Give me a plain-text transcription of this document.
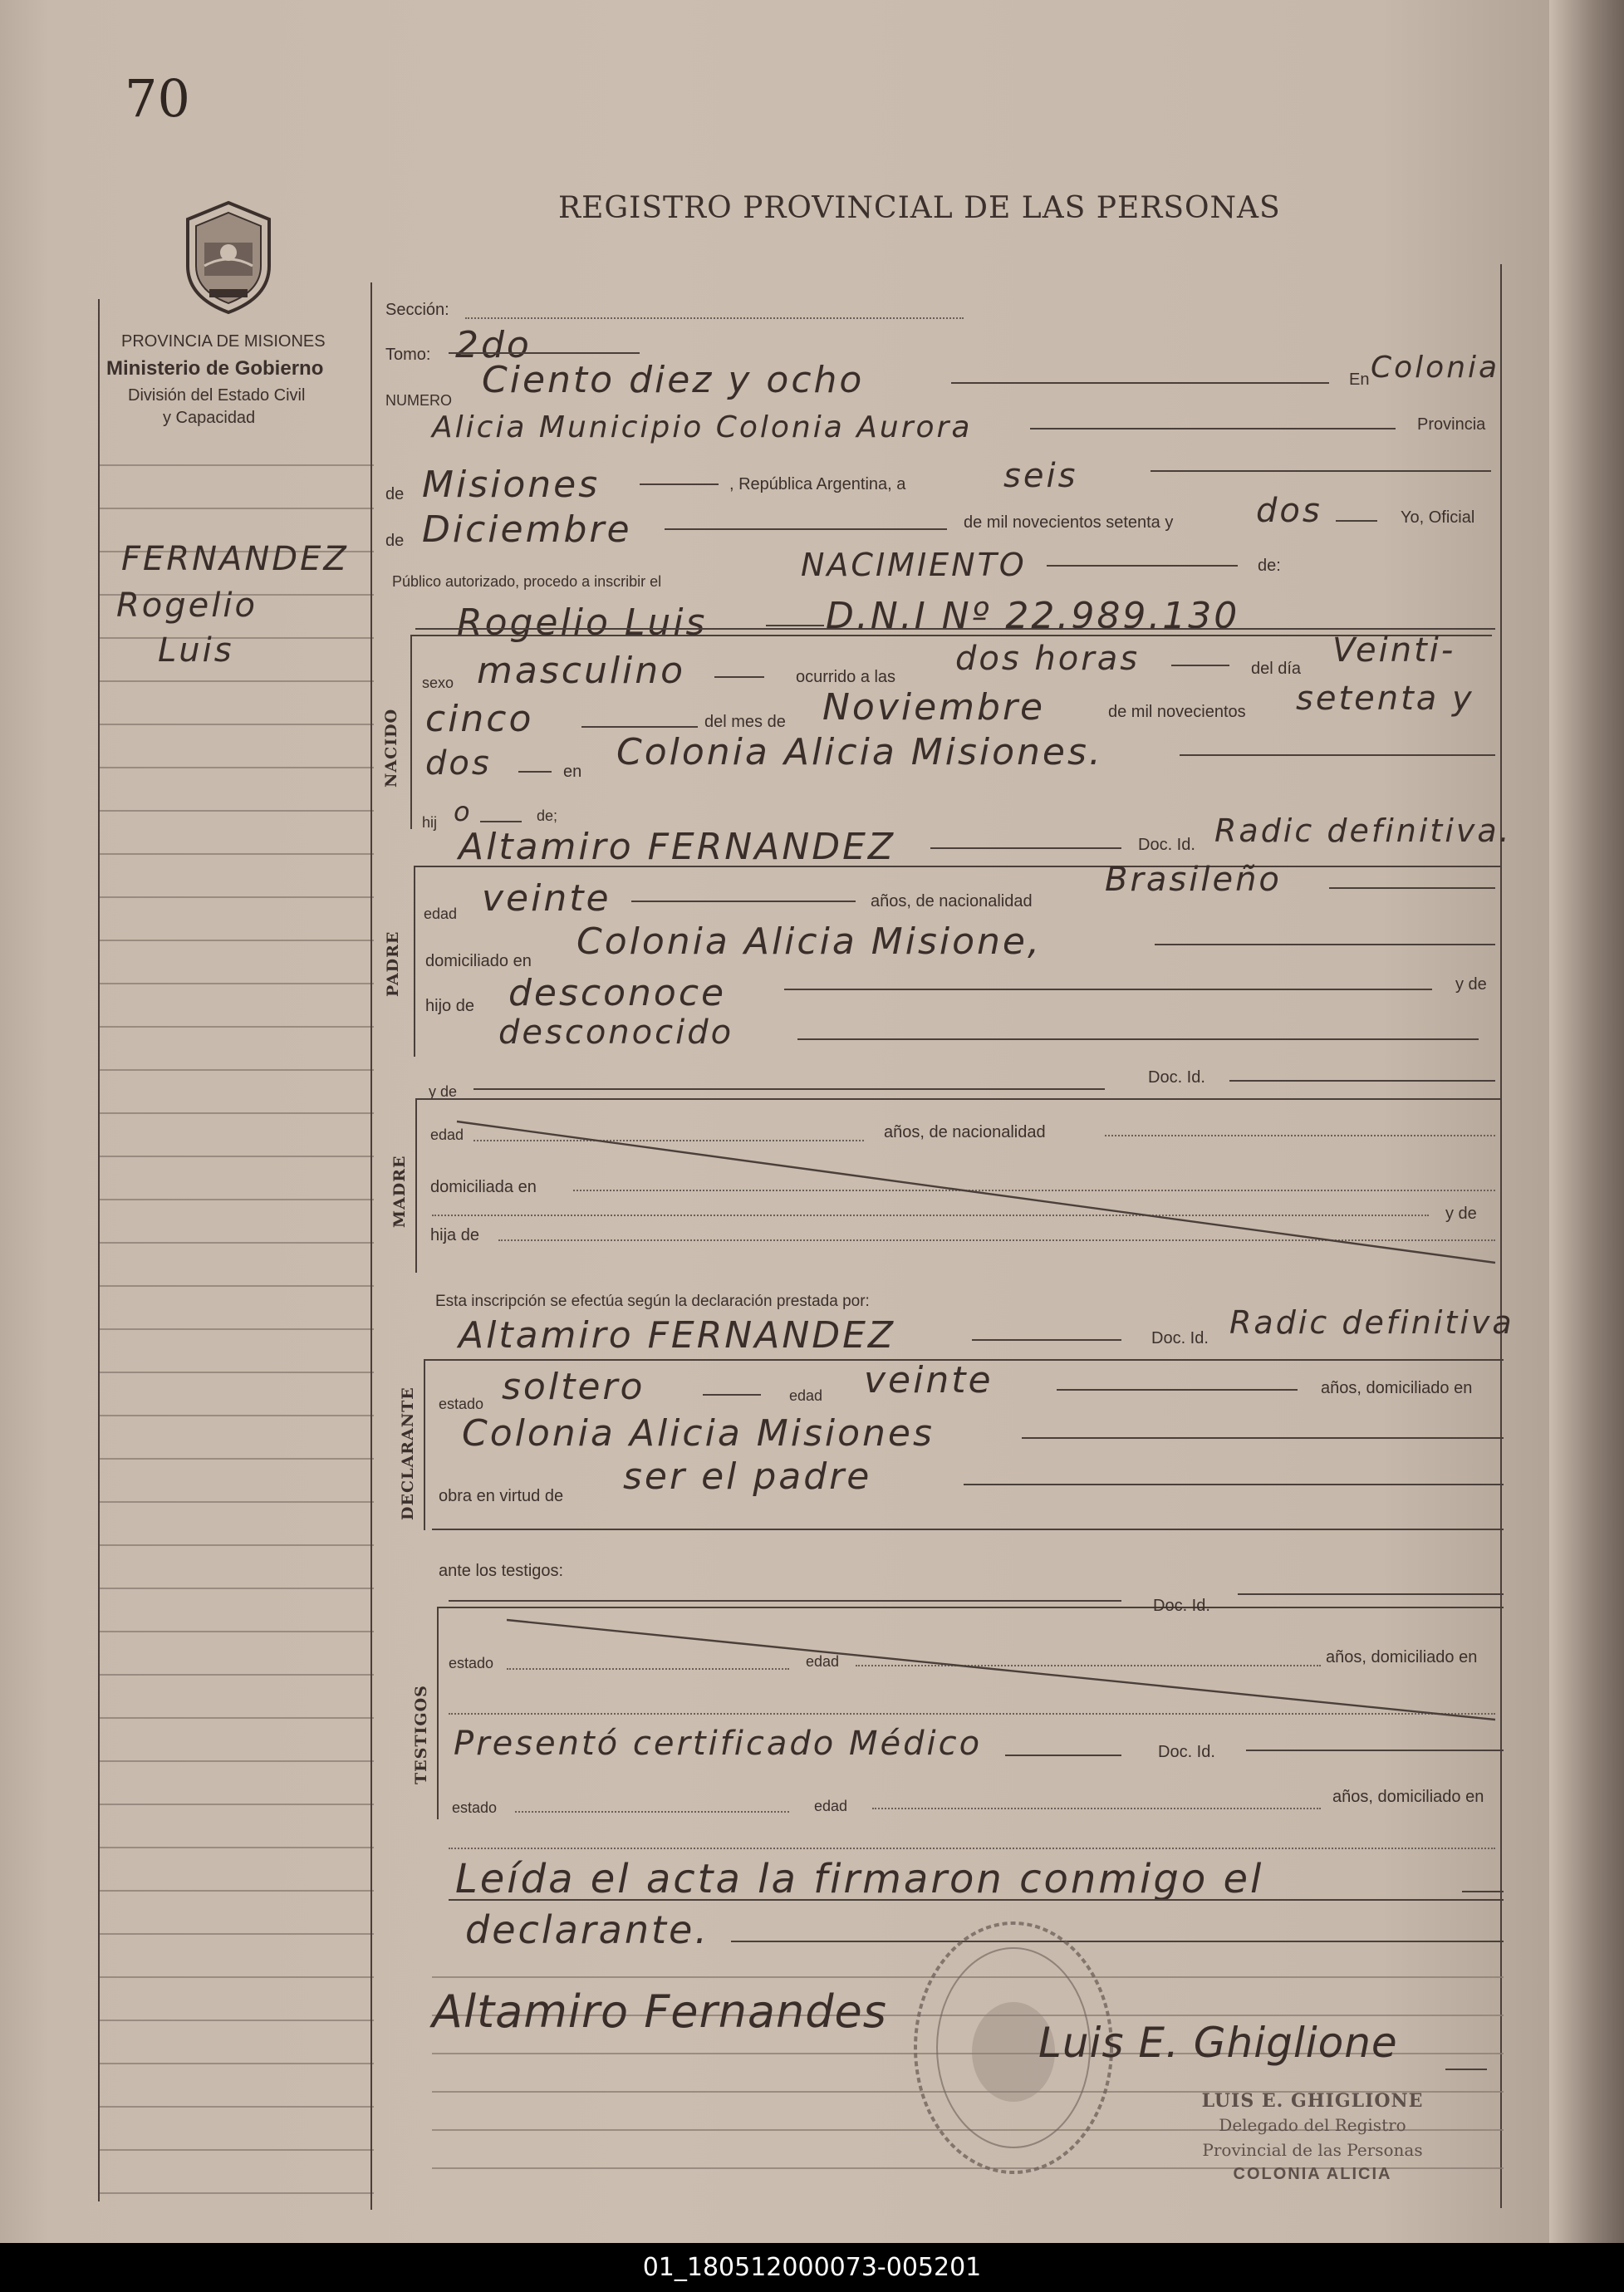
70
REGISTRO PROVINCIAL DE LAS PERSONAS
PROVINCIA DE MISIONES
Ministerio de Gobierno
División del Estado Civil
y Capacidad
FERNANDEZ
Rogelio
Luis
Sección:
Tomo: 2do
NUMERO Ciento diez y ocho	En Colonia
Alicia Municipio Colonia Aurora	Provincia
de Misiones	, República Argentina, a	seis
de Diciembre	de mil novecientos setenta y dos	Yo, Oficial
Público autorizado, procedo a inscribir el	NACIMIENTO	de:
NACIDO
Rogelio Luis	D.N.I Nº 22.989.130
sexo masculino	ocurrido a las dos horas	del día Veinti-
cinco	del mes de Noviembre	de mil novecientos setenta y
dos	en Colonia Alicia Misiones.
hij o	de;
PADRE
Altamiro FERNANDEZ	Doc. Id. Radic definitiva.
edad veinte	años, de nacionalidad
Brasileño
domiciliado en Colonia Alicia Misione,
hijo de desconoce	y de
desconocido
y de
Doc. Id.
MADRE
edad	años, de nacionalidad
domiciliada en
y de
hija de
Esta inscripción se efectúa según la declaración prestada por:
DECLARANTE
Altamiro FERNANDEZ	Doc. Id. Radic definitiva
estado soltero	edad veinte	años, domiciliado en
Colonia Alicia Misiones
obra en virtud de ser el padre
ante los testigos:
TESTIGOS
Doc. Id.
estado	edad	años, domiciliado en
Presentó certificado Médico	Doc. Id.
estado	edad	años, domiciliado en
Leída el acta la firmaron conmigo el
declarante.
Altamiro Fernandes
Luis E. Ghiglione
LUIS E. GHIGLIONE
Delegado del Registro
Provincial de las Personas
COLONIA ALICIA
01_180512000073-005201
